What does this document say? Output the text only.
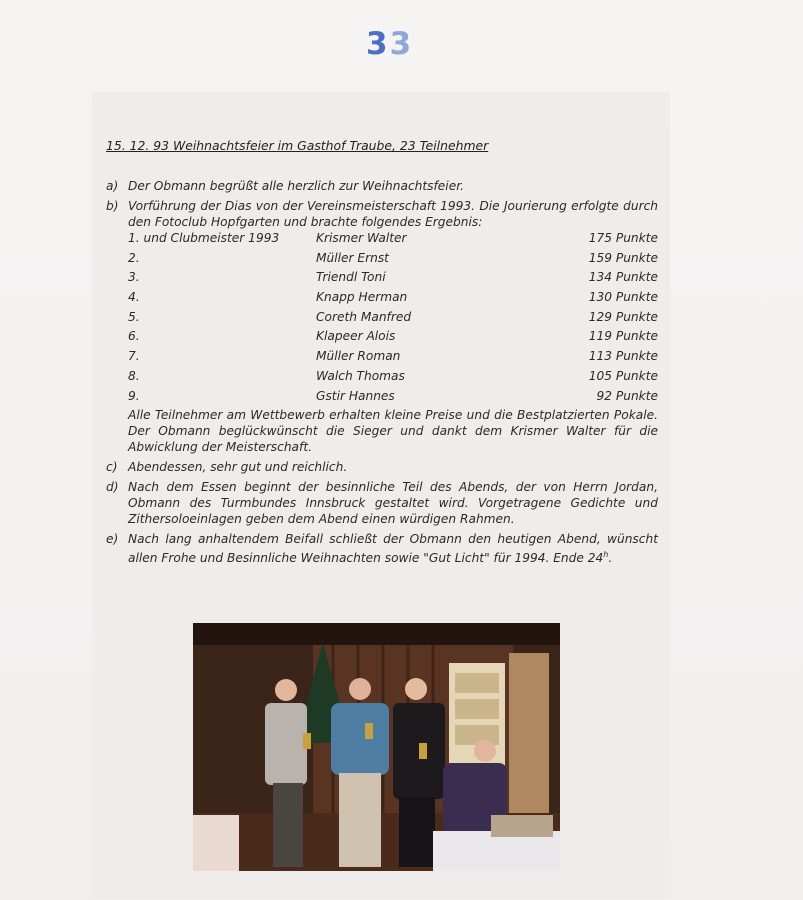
33
15. 12. 93 Weihnachtsfeier im Gasthof Traube, 23 Teilnehmer
a) Der Obmann begrüßt alle herzlich zur Weihnachtsfeier.
b) Vorführung der Dias von der Vereinsmeisterschaft 1993. Die Jourierung erfolgte durch den Fotoclub Hopfgarten und brachte folgendes Ergebnis:
1. und Clubmeister 1993	Krismer Walter	175 Punkte
2.	Müller Ernst	159 Punkte
3.	Triendl Toni	134 Punkte
4.	Knapp Herman	130 Punkte
5.	Coreth Manfred	129 Punkte
6.	Klapeer Alois	119 Punkte
7.	Müller Roman	113 Punkte
8.	Walch Thomas	105 Punkte
9.	Gstir Hannes	92 Punkte
Alle Teilnehmer am Wettbewerb erhalten kleine Preise und die Bestplatzierten Pokale. Der Obmann beglückwünscht die Sieger und dankt dem Krismer Walter für die Abwicklung der Meisterschaft.
c) Abendessen, sehr gut und reichlich.
d) Nach dem Essen beginnt der besinnliche Teil des Abends, der von Herrn Jordan, Obmann des Turmbundes Innsbruck gestaltet wird. Vorgetragene Gedichte und Zithersoloeinlagen geben dem Abend einen würdigen Rahmen.
e) Nach lang anhaltendem Beifall schließt der Obmann den heutigen Abend, wünscht allen Frohe und Besinnliche Weihnachten sowie "Gut Licht" für 1994. Ende 24$^h$.
